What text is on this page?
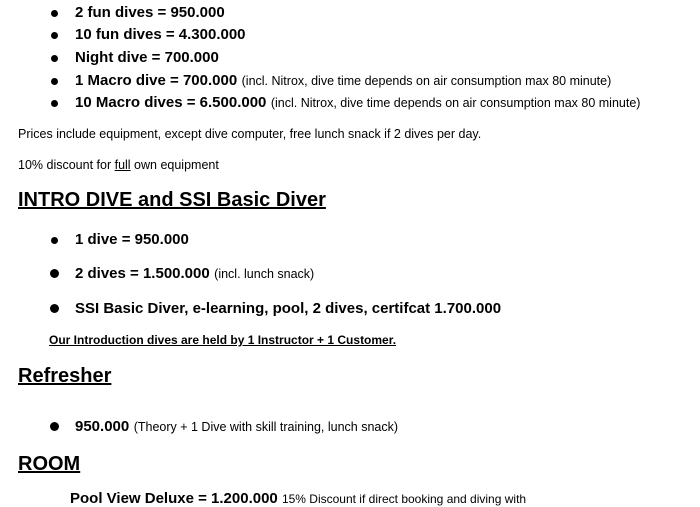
2 fun dives = 950.000
10 fun dives = 4.300.000
Night dive = 700.000
1 Macro dive = 700.000 (incl. Nitrox, dive time depends on air consumption max 80 minute)
10 Macro dives = 6.500.000 (incl. Nitrox, dive time depends on air consumption max 80 minute)
Prices include equipment, except dive computer, free lunch snack if 2 dives per day.
10% discount for full own equipment
INTRO DIVE and SSI Basic Diver
1 dive = 950.000
2 dives = 1.500.000 (incl. lunch snack)
SSI Basic Diver, e-learning, pool, 2 dives, certifcat 1.700.000
Our Introduction dives are held by 1 Instructor + 1 Customer.
Refresher
950.000 (Theory + 1 Dive with skill training, lunch snack)
ROOM
Pool View Deluxe = 1.200.000 15% Discount if direct booking and diving with
